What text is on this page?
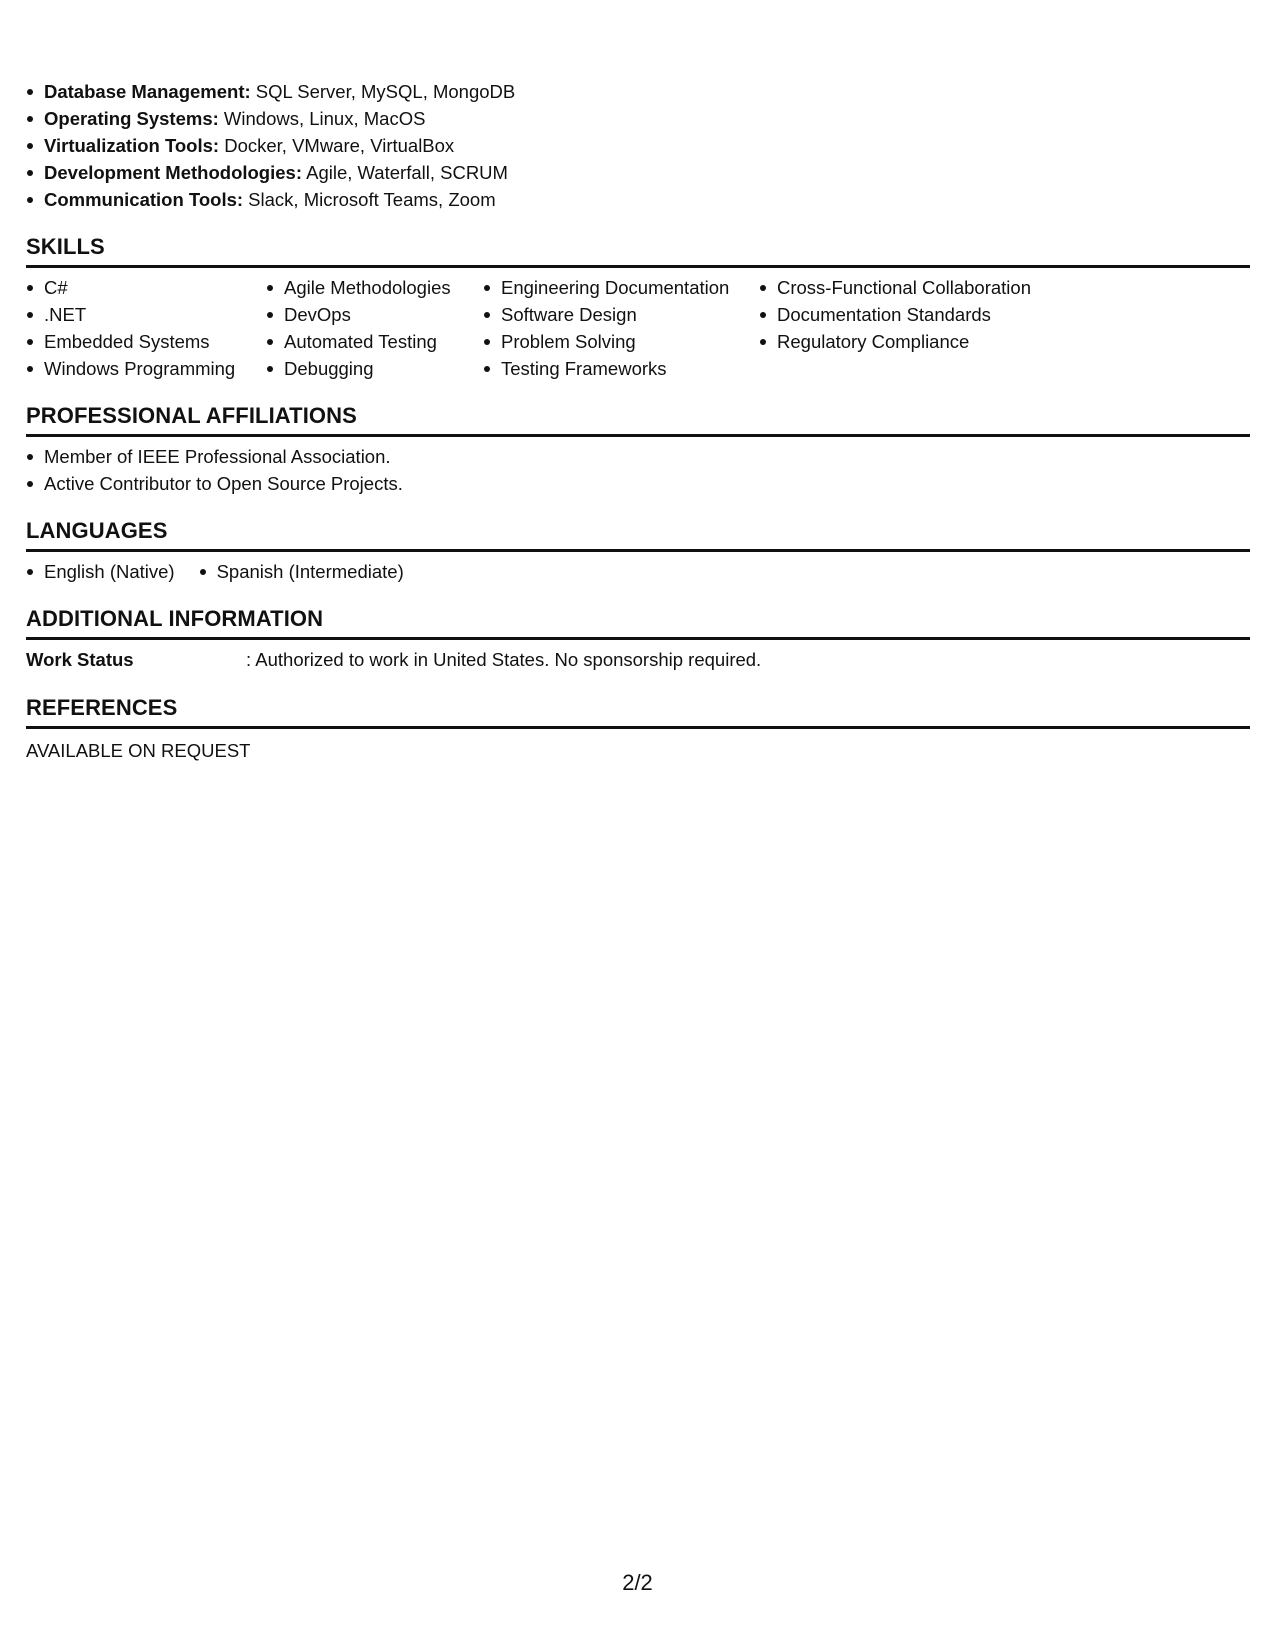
Database Management: SQL Server, MySQL, MongoDB
Operating Systems: Windows, Linux, MacOS
Virtualization Tools: Docker, VMware, VirtualBox
Development Methodologies: Agile, Waterfall, SCRUM
Communication Tools: Slack, Microsoft Teams, Zoom
SKILLS
C#
.NET
Embedded Systems
Windows Programming
Agile Methodologies
DevOps
Automated Testing
Debugging
Engineering Documentation
Software Design
Problem Solving
Testing Frameworks
Cross-Functional Collaboration
Documentation Standards
Regulatory Compliance
PROFESSIONAL AFFILIATIONS
Member of IEEE Professional Association.
Active Contributor to Open Source Projects.
LANGUAGES
English (Native)	Spanish (Intermediate)
ADDITIONAL INFORMATION
Work Status	: Authorized to work in United States. No sponsorship required.
REFERENCES
AVAILABLE ON REQUEST
2/2
